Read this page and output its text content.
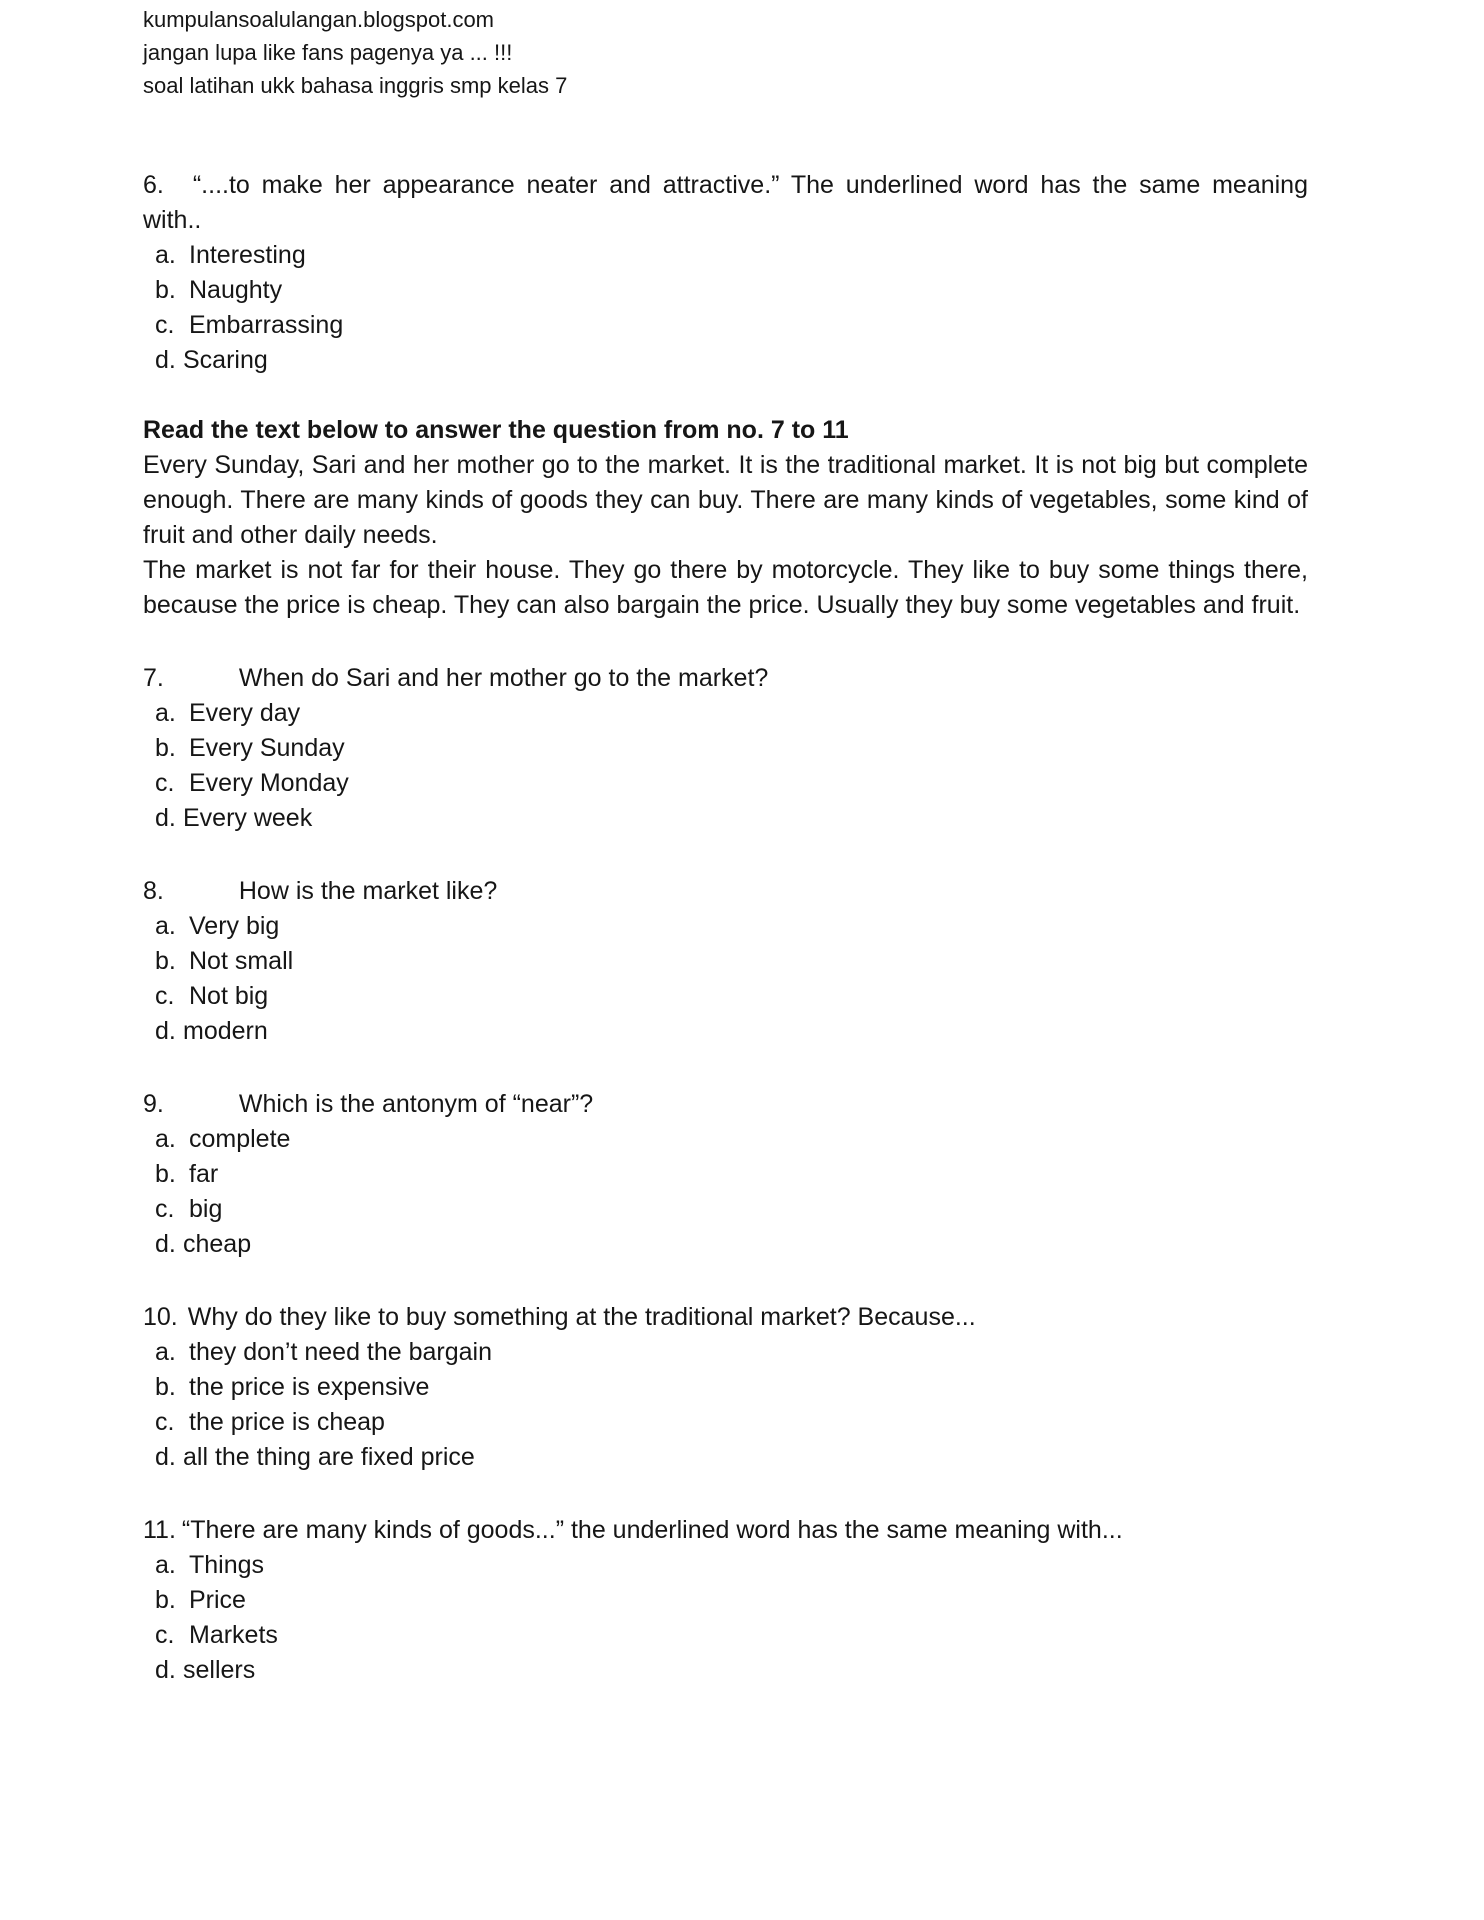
kumpulansoalulangan.blogspot.com
jangan lupa like fans pagenya ya ... !!!
soal latihan ukk bahasa inggris smp kelas 7

6. “....to make her appearance neater and attractive.” The underlined word has the same meaning with..

a. Interesting
b. Naughty
c. Embarrassing
d. Scaring

Read the text below to answer the question from no. 7 to 11

Every Sunday, Sari and her mother go to the market. It is the traditional market. It is not big but complete enough. There are many kinds of goods they can buy. There are many kinds of vegetables, some kind of fruit and other daily needs.

The market is not far for their house. They go there by motorcycle. They like to buy some things there, because the price is cheap. They can also bargain the price. Usually they buy some vegetables and fruit.

7.	When do Sari and her mother go to the market?

a. Every day
b. Every Sunday
c. Every Monday
d. Every week

8.	How is the market like?

a. Very big
b. Not small
c. Not big
d. modern

9.	Which is the antonym of “near”?

a. complete
b. far
c. big
d. cheap

10. Why do they like to buy something at the traditional market? Because...

a. they don’t need the bargain
b. the price is expensive
c. the price is cheap
d. all the thing are fixed price

11. “There are many kinds of goods...” the underlined word has the same meaning with...

a. Things
b. Price
c. Markets
d. sellers
